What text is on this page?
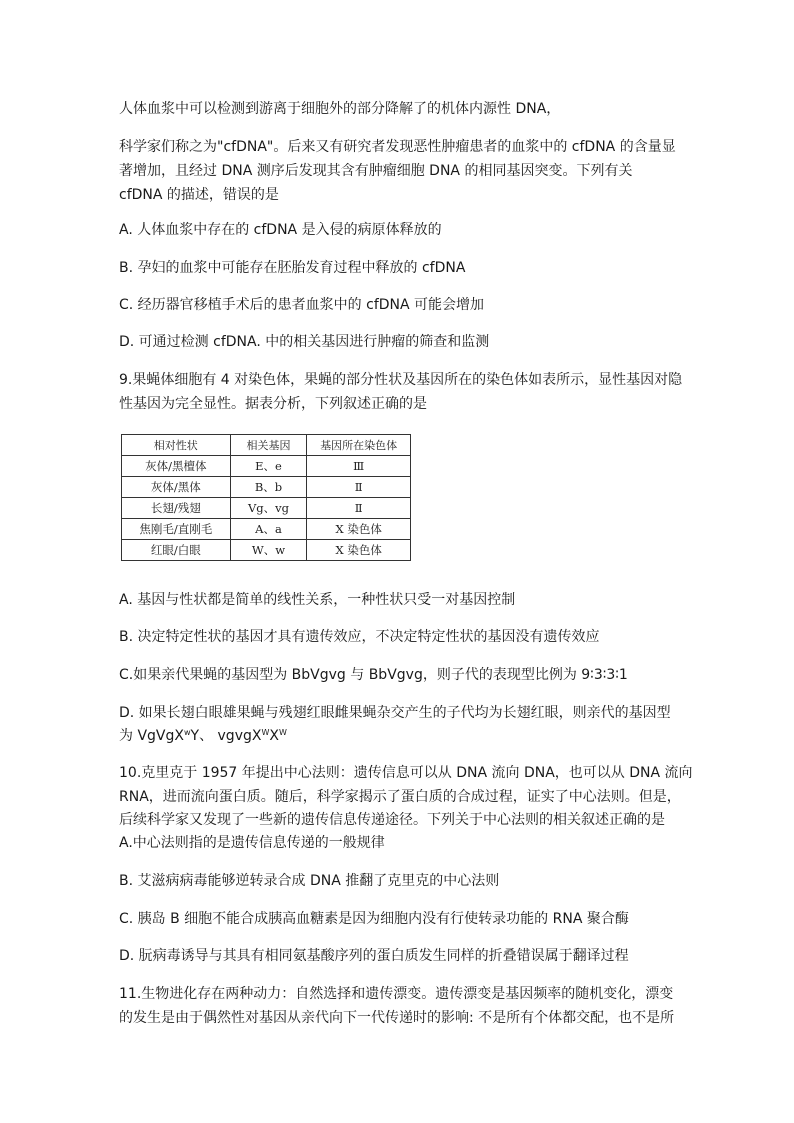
人体血浆中可以检测到游离于细胞外的部分降解了的机体内源性 DNA，
科学家们称之为"cfDNA"。后来又有研究者发现恶性肿瘤患者的血浆中的 cfDNA 的含量显
著增加，且经过 DNA 测序后发现其含有肿瘤细胞 DNA 的相同基因突变。下列有关
cfDNA 的描述，错误的是
A. 人体血浆中存在的 cfDNA 是入侵的病原体释放的
B. 孕妇的血浆中可能存在胚胎发育过程中释放的 cfDNA
C. 经历器官移植手术后的患者血浆中的 cfDNA 可能会增加
D. 可通过检测 cfDNA. 中的相关基因进行肿瘤的筛查和监测
9.果蝇体细胞有 4 对染色体，果蝇的部分性状及基因所在的染色体如表所示，显性基因对隐
性基因为完全显性。据表分析，下列叙述正确的是
相对性状	相关基因	基因所在染色体
灰体/黑檀体	E、e	Ⅲ
灰体/黑体	B、b	Ⅱ
长翅/残翅	Vg、vg	Ⅱ
焦刚毛/直刚毛	A、a	X 染色体
红眼/白眼	W、w	X 染色体
A. 基因与性状都是简单的线性关系，一种性状只受一对基因控制
B. 决定特定性状的基因才具有遗传效应，不决定特定性状的基因没有遗传效应
C.如果亲代果蝇的基因型为 BbVgvg 与 BbVgvg，则子代的表现型比例为 9∶3∶3∶1
D. 如果长翅白眼雄果蝇与残翅红眼雌果蝇杂交产生的子代均为长翅红眼，则亲代的基因型
为 VgVgX$^w$Y、 $vgvgX^WX^W$
10.克里克于 1957 年提出中心法则：遗传信息可以从 DNA 流向 DNA，也可以从 DNA 流向
RNA，进而流向蛋白质。随后，科学家揭示了蛋白质的合成过程，证实了中心法则。但是，
后续科学家又发现了一些新的遗传信息传递途径。下列关于中心法则的相关叙述正确的是
A.中心法则指的是遗传信息传递的一般规律
B. 艾滋病病毒能够逆转录合成 DNA 推翻了克里克的中心法则
C. 胰岛 B 细胞不能合成胰高血糖素是因为细胞内没有行使转录功能的 RNA 聚合酶
D. 朊病毒诱导与其具有相同氨基酸序列的蛋白质发生同样的折叠错误属于翻译过程
11.生物进化存在两种动力：自然选择和遗传漂变。遗传漂变是基因频率的随机变化，漂变
的发生是由于偶然性对基因从亲代向下一代传递时的影响: 不是所有个体都交配，也不是所
